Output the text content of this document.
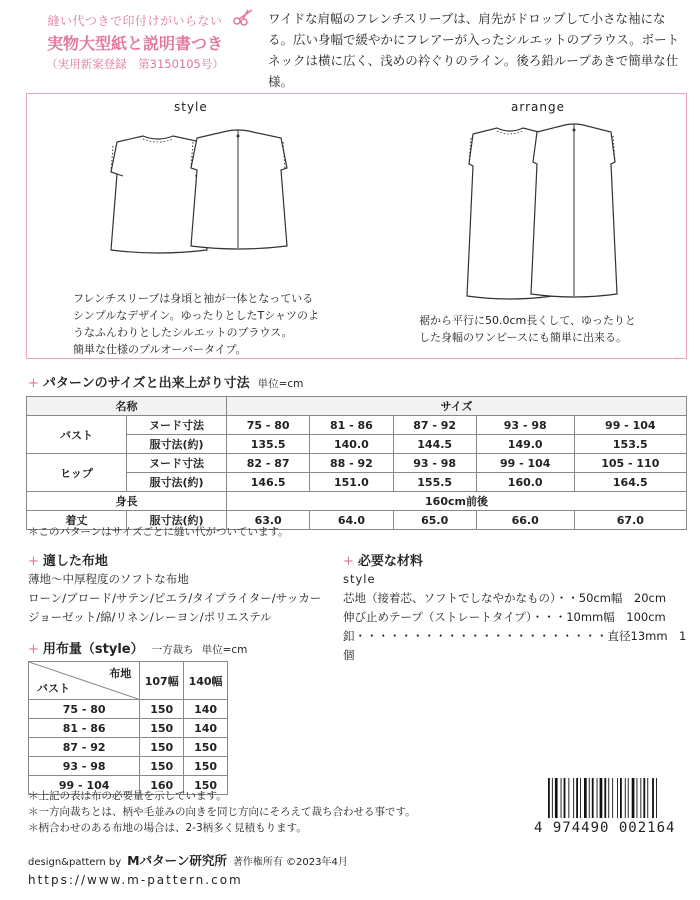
縫い代つきで印付けがいらない
実物大型紙と説明書つき
（実用新案登録　第3150105号）
ワイドな肩幅のフレンチスリーブは、肩先がドロップして小さな袖になる。広い身幅で緩やかにフレアーが入ったシルエットのブラウス。ボートネックは横に広く、浅めの衿ぐりのライン。後ろ鉛ループあきで簡単な仕様。
style	arrange
フレンチスリーブは身頃と袖が一体となっている
シンプルなデザイン。ゆったりとしたTシャツのよ
うなふんわりとしたシルエットのブラウス。
簡単な仕様のプルオーバータイプ。
裾から平行に50.0cm長くして、ゆったりと
した身幅のワンピースにも簡単に出来る。
+ パターンのサイズと出来上がり寸法 単位=cm
名称		サイズ				
バスト	ヌード寸法	75 - 80	81 - 86	87 - 92	93 - 98	99 - 104
	服寸法(約)	135.5	140.0	144.5	149.0	153.5
ヒップ	ヌード寸法	82 - 87	88 - 92	93 - 98	99 - 104	105 - 110
	服寸法(約)	146.5	151.0	155.5	160.0	164.5
身長		160cm前後				
着丈	服寸法(約)	63.0	64.0	65.0	66.0	67.0
＊このパターンはサイズごとに縫い代がついています。
+ 適した布地
薄地〜中厚程度のソフトな布地
ローン/ブロード/サテン/ピエラ/タイプライター/サッカー
ジョーゼット/綿/リネン/レーヨン/ポリエステル
+ 必要な材料
style
芯地（接着芯、ソフトでしなやかなもの）・・50cm幅　20cm
伸び止めテープ（ストレートタイプ）・・・10mm幅　100cm
釦・・・・・・・・・・・・・・・・・・・・・・直径13mm　1 個
+ 用布量（style） 一方裁ち 単位=cm
布地
バスト	107幅	140幅
75 - 80	150	140
81 - 86	150	140
87 - 92	150	150
93 - 98	150	150
99 - 104	160	150
＊上記の表は布の必要量を示しています。
＊一方向裁ちとは、柄や毛並みの向きを同じ方向にそろえて裁ち合わせる事です。
＊柄合わせのある布地の場合は、2-3柄多く見積もります。	4 974490 002164
design&pattern by Mパターン研究所 著作権所有 ©2023年4月
https://www.m-pattern.com
